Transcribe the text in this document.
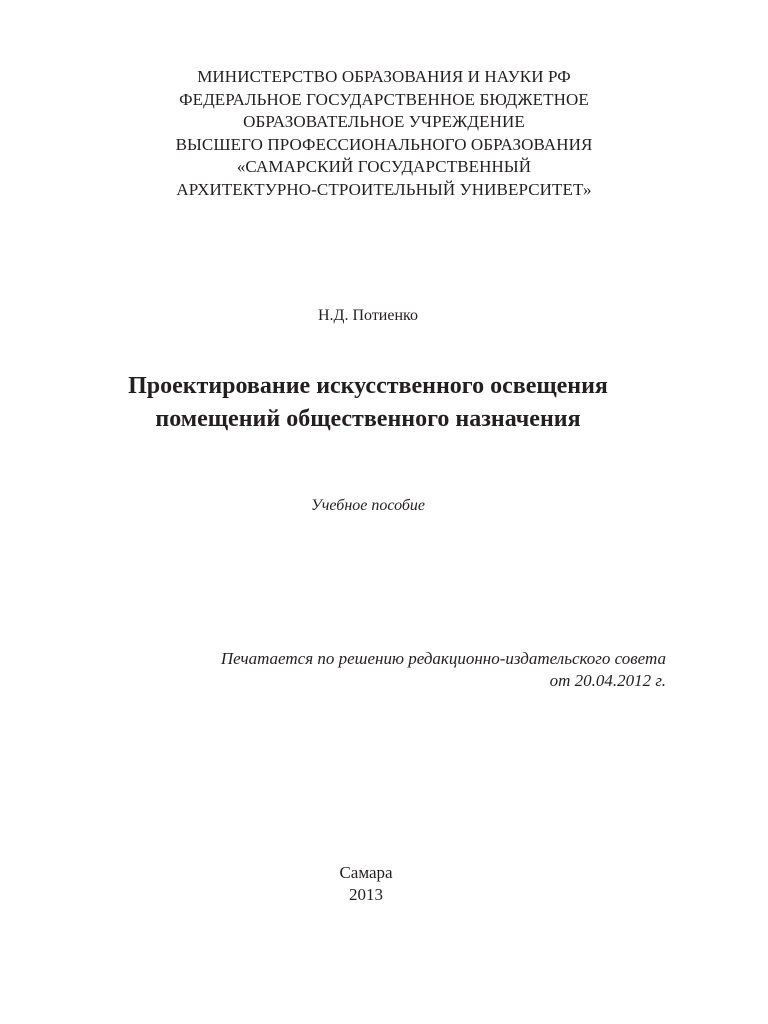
МИНИСТЕРСТВО ОБРАЗОВАНИЯ И НАУКИ РФ
ФЕДЕРАЛЬНОЕ ГОСУДАРСТВЕННОЕ БЮДЖЕТНОЕ
ОБРАЗОВАТЕЛЬНОЕ УЧРЕЖДЕНИЕ
ВЫСШЕГО ПРОФЕССИОНАЛЬНОГО ОБРАЗОВАНИЯ
«САМАРСКИЙ ГОСУДАРСТВЕННЫЙ
АРХИТЕКТУРНО-СТРОИТЕЛЬНЫЙ УНИВЕРСИТЕТ»
Н.Д. Потиенко
Проектирование искусственного освещения
помещений общественного назначения
Учебное пособие
Печатается по решению редакционно-издательского совета
от 20.04.2012 г.
Самара
2013
